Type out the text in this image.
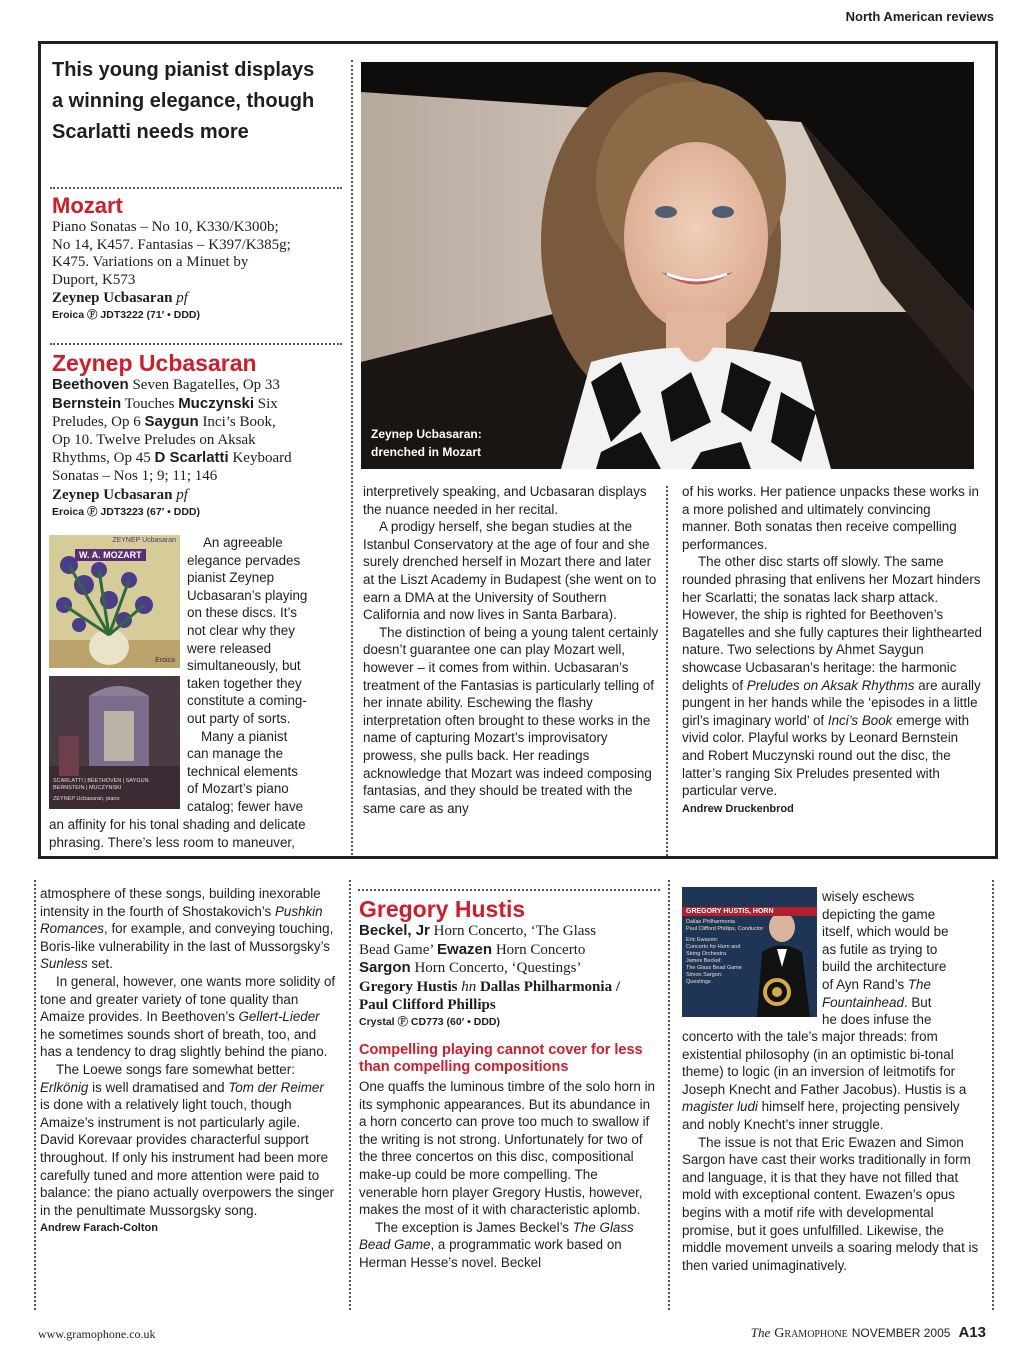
North American reviews
This young pianist displays
a winning elegance, though
Scarlatti needs more
Mozart
Piano Sonatas – No 10, K330/K300b;
No 14, K457. Fantasias – K397/K385g;
K475. Variations on a Minuet by
Duport, K573
Zeynep Ucbasaran pf
Eroica Ⓕ JDT3222 (71′ • DDD)
Zeynep Ucbasaran
Beethoven Seven Bagatelles, Op 33
Bernstein Touches Muczynski Six
Preludes, Op 6 Saygun Inci’s Book,
Op 10. Twelve Preludes on Aksak
Rhythms, Op 45 D Scarlatti Keyboard
Sonatas – Nos 1; 9; 11; 146
Zeynep Ucbasaran pf
Eroica Ⓕ JDT3223 (67′ • DDD)
Zeynep Ucbasaran:
drenched in Mozart
ZEYNEP Ucbasaran
W. A. MOZART
Eroica
SCARLATTI | BEETHOVEN | SAYGUN
BERNSTEIN | MUCZYNSKI
ZEYNEP Ucbasaran, piano
An agreeable
elegance pervades
pianist Zeynep
Ucbasaran’s playing
on these discs. It’s
not clear why they
were released
simultaneously, but
taken together they
constitute a coming-
out party of sorts.
Many a pianist
can manage the
technical elements
of Mozart’s piano
catalog; fewer have
an affinity for his tonal shading and delicate
phrasing. There’s less room to maneuver,

interpretively speaking, and Ucbasaran displays the nuance needed in her recital.

A prodigy herself, she began studies at the Istanbul Conservatory at the age of four and she surely drenched herself in Mozart there and later at the Liszt Academy in Budapest (she went on to earn a DMA at the University of Southern California and now lives in Santa Barbara).

The distinction of being a young talent certainly doesn’t guarantee one can play Mozart well, however – it comes from within. Ucbasaran’s treatment of the Fantasias is particularly telling of her innate ability. Eschewing the flashy interpretation often brought to these works in the name of capturing Mozart’s improvisatory prowess, she pulls back. Her readings acknowledge that Mozart was indeed composing fantasias, and they should be treated with the same care as any

of his works. Her patience unpacks these works in a more polished and ultimately convincing manner. Both sonatas then receive compelling performances.

The other disc starts off slowly. The same rounded phrasing that enlivens her Mozart hinders her Scarlatti; the sonatas lack sharp attack. However, the ship is righted for Beethoven’s Bagatelles and she fully captures their lighthearted nature. Two selections by Ahmet Saygun showcase Ucbasaran’s heritage: the harmonic delights of Preludes on Aksak Rhythms are aurally pungent in her hands while the ‘episodes in a little girl’s imaginary world’ of Inci’s Book emerge with vivid color. Playful works by Leonard Bernstein and Robert Muczynski round out the disc, the latter’s ranging Six Preludes presented with particular verve.

Andrew Druckenbrod

atmosphere of these songs, building inexorable intensity in the fourth of Shostakovich’s Pushkin Romances, for example, and conveying touching, Boris-like vulnerability in the last of Mussorgsky’s Sunless set.

In general, however, one wants more solidity of tone and greater variety of tone quality than Amaize provides. In Beethoven’s Gellert-Lieder he sometimes sounds short of breath, too, and has a tendency to drag slightly behind the piano.

The Loewe songs fare somewhat better: Erlkönig is well dramatised and Tom der Reimer is done with a relatively light touch, though Amaize’s instrument is not particularly agile. David Korevaar provides characterful support throughout. If only his instrument had been more carefully tuned and more attention were paid to balance: the piano actually overpowers the singer in the penultimate Mussorgsky song.

Andrew Farach-Colton
Gregory Hustis
Beckel, Jr Horn Concerto, ‘The Glass
Bead Game’ Ewazen Horn Concerto
Sargon Horn Concerto, ‘Questings’
Gregory Hustis hn Dallas Philharmonia /
Paul Clifford Phillips
Crystal Ⓕ CD773 (60′ • DDD)
Compelling playing cannot cover for less than compelling compositions

One quaffs the luminous timbre of the solo horn in its symphonic appearances. But its abundance in a horn concerto can prove too much to swallow if the writing is not strong. Unfortunately for two of the three concertos on this disc, compositional make-up could be more compelling. The venerable horn player Gregory Hustis, however, makes the most of it with characteristic aplomb.

The exception is James Beckel’s The Glass Bead Game, a programmatic work based on Herman Hesse’s novel. Beckel

GREGORY HUSTIS, HORN
Dallas Philharmonia
Paul Clifford Phillips, Conductor
Eric Ewazen:
Concerto for Horn and
String Orchestra
James Beckel:
The Glass Bead Game
Simon Sargon:
Questings
wisely eschews
depicting the game
itself, which would be
as futile as trying to
build the architecture
of Ayn Rand’s The
Fountainhead. But
he does infuse the

concerto with the tale’s major threads: from existential philosophy (in an optimistic bi-tonal theme) to logic (in an inversion of leitmotifs for Joseph Knecht and Father Jacobus). Hustis is a magister ludi himself here, projecting pensively and nobly Knecht’s inner struggle.

The issue is not that Eric Ewazen and Simon Sargon have cast their works traditionally in form and language, it is that they have not filled that mold with exceptional content. Ewazen’s opus begins with a motif rife with developmental promise, but it goes unfulfilled. Likewise, the middle movement unveils a soaring melody that is then varied unimaginatively.

www.gramophone.co.uk	The Gramophone NOVEMBER 2005 A13
